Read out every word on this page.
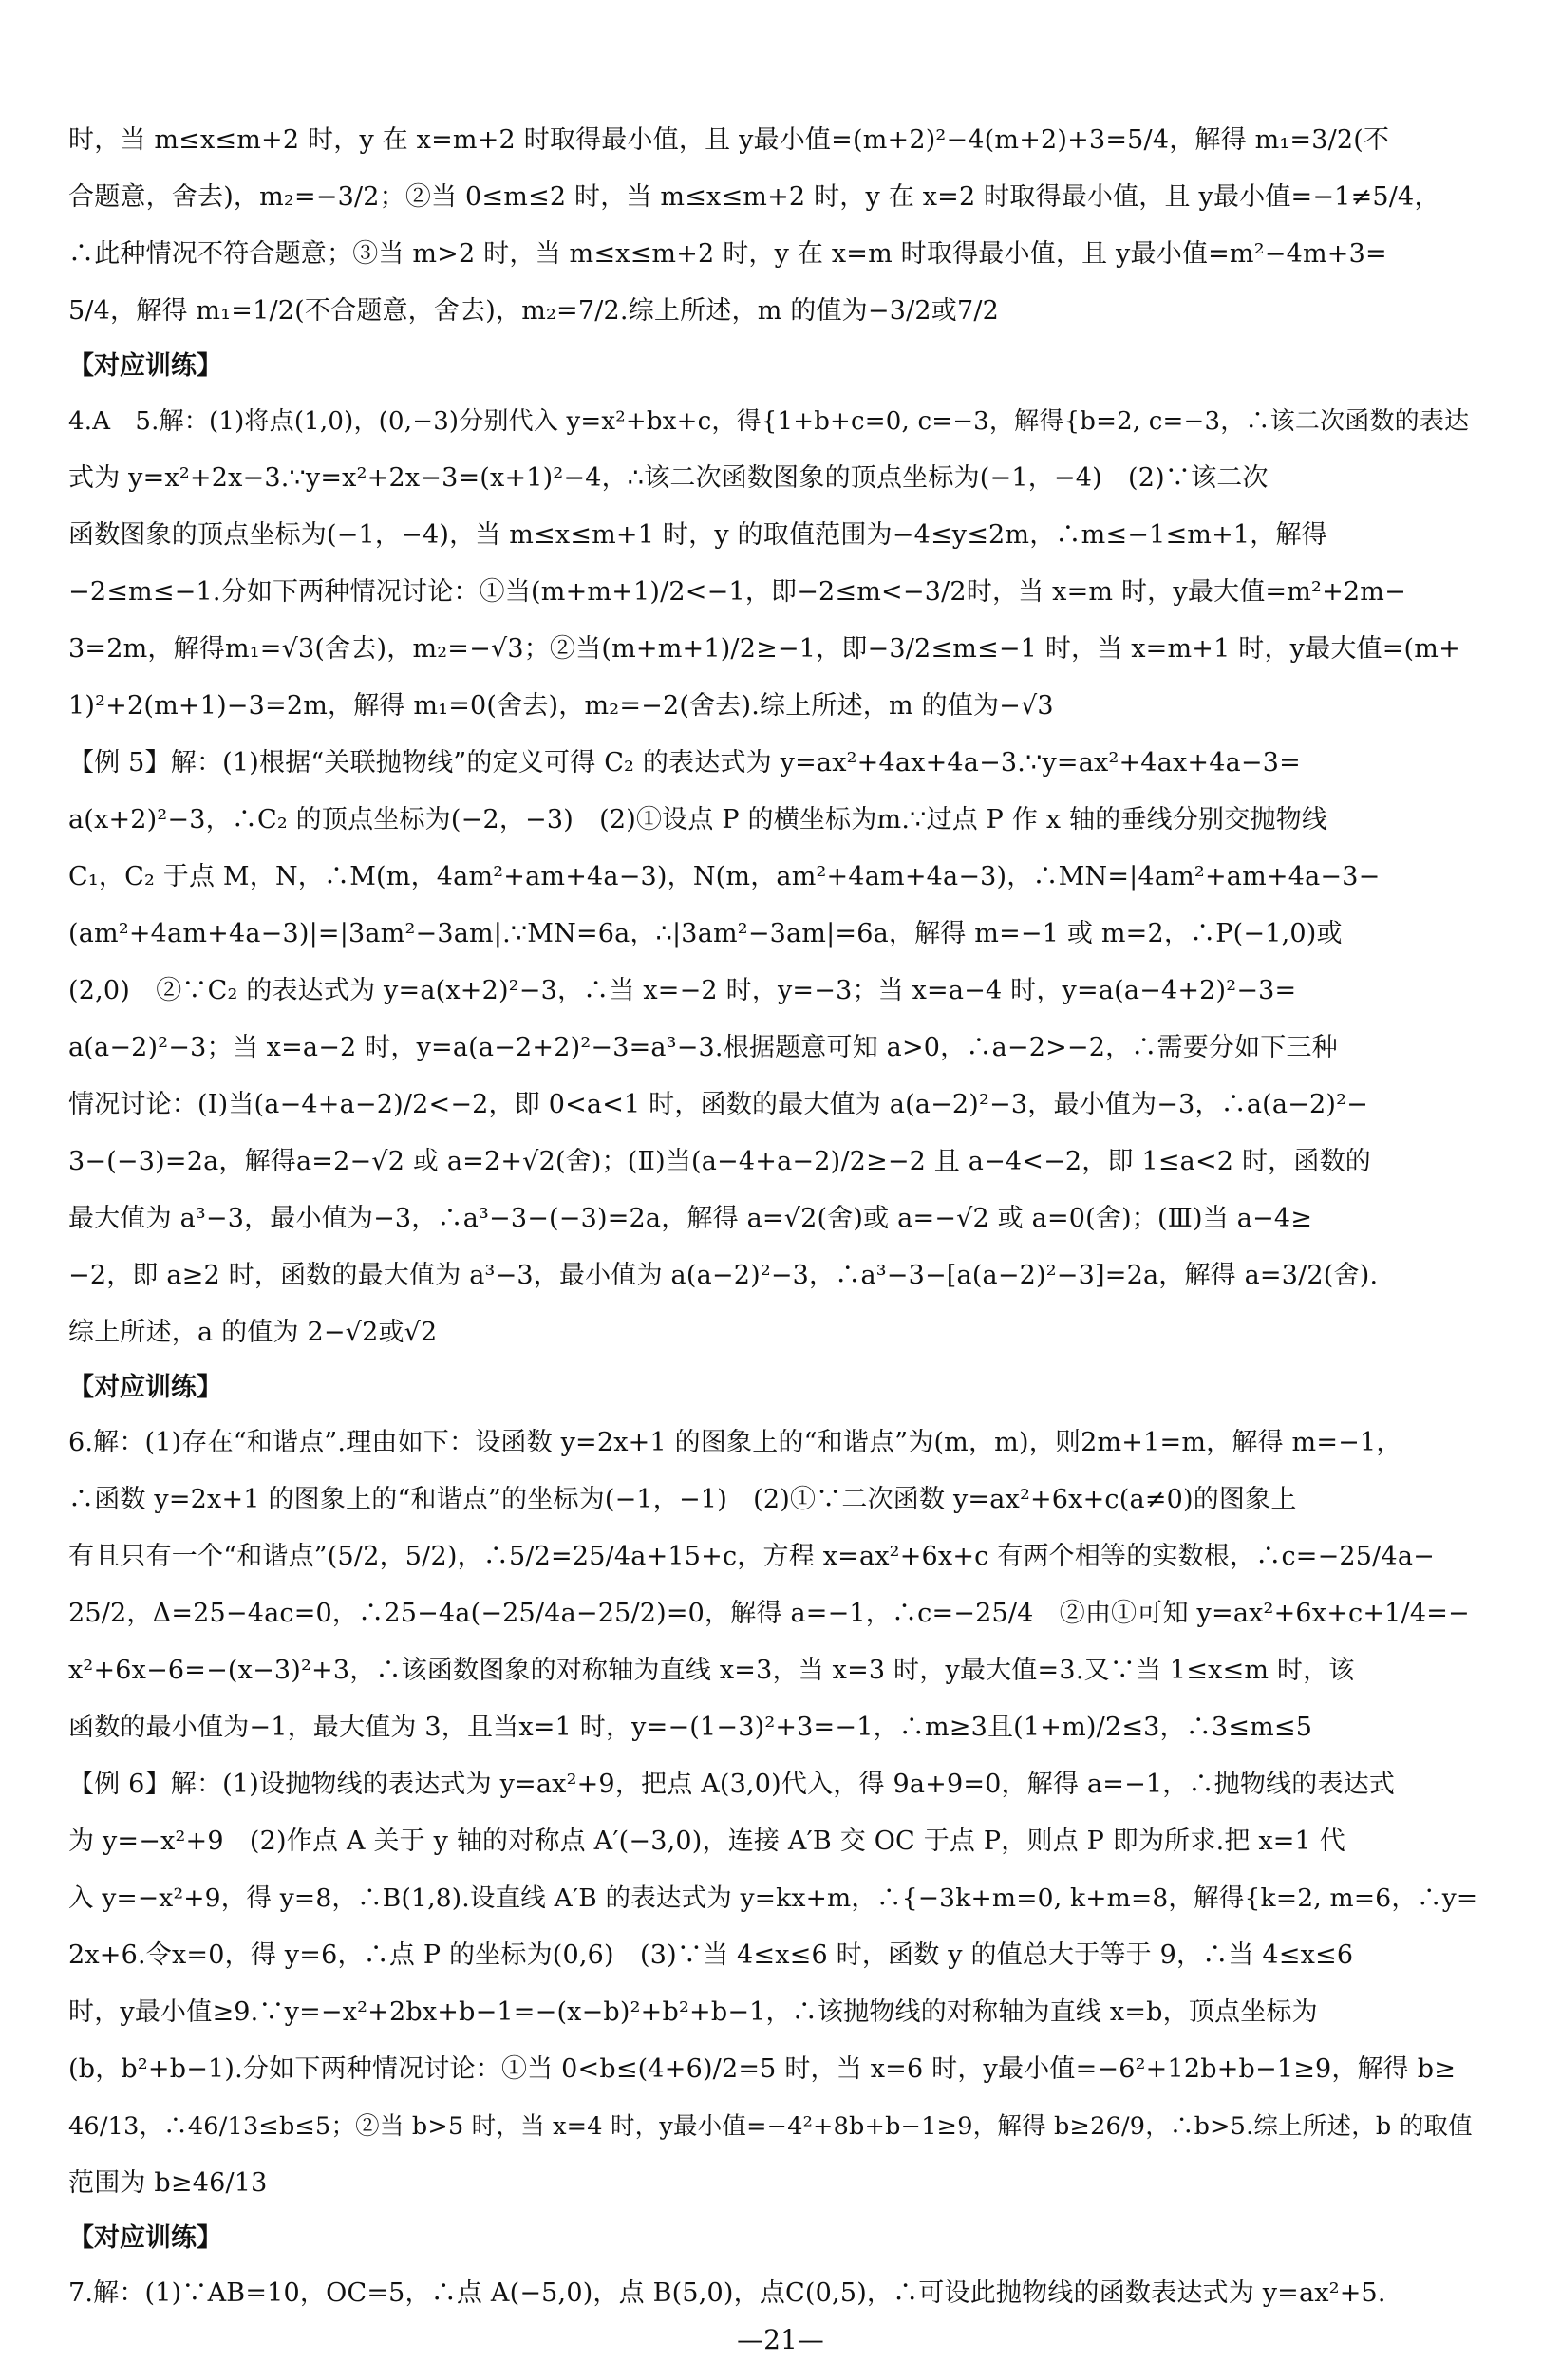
时，当 m≤x≤m+2 时，y 在 x=m+2 时取得最小值，且 y最小值=(m+2)²−4(m+2)+3=5/4，解得 m₁=3/2(不
合题意，舍去)，m₂=−3/2；②当 0≤m≤2 时，当 m≤x≤m+2 时，y 在 x=2 时取得最小值，且 y最小值=−1≠5/4，
∴此种情况不符合题意；③当 m>2 时，当 m≤x≤m+2 时，y 在 x=m 时取得最小值，且 y最小值=m²−4m+3=
5/4，解得 m₁=1/2(不合题意，舍去)，m₂=7/2.综上所述，m 的值为−3/2或7/2
【对应训练】
4.A　5.解：(1)将点(1,0)，(0,−3)分别代入 y=x²+bx+c，得{1+b+c=0, c=−3，解得{b=2, c=−3，∴该二次函数的表达
式为 y=x²+2x−3.∵y=x²+2x−3=(x+1)²−4，∴该二次函数图象的顶点坐标为(−1，−4)　(2)∵该二次
函数图象的顶点坐标为(−1，−4)，当 m≤x≤m+1 时，y 的取值范围为−4≤y≤2m，∴m≤−1≤m+1，解得
−2≤m≤−1.分如下两种情况讨论：①当(m+m+1)/2<−1，即−2≤m<−3/2时，当 x=m 时，y最大值=m²+2m−
3=2m，解得m₁=√3(舍去)，m₂=−√3；②当(m+m+1)/2≥−1，即−3/2≤m≤−1 时，当 x=m+1 时，y最大值=(m+
1)²+2(m+1)−3=2m，解得 m₁=0(舍去)，m₂=−2(舍去).综上所述，m 的值为−√3
【例 5】解：(1)根据“关联抛物线”的定义可得 C₂ 的表达式为 y=ax²+4ax+4a−3.∵y=ax²+4ax+4a−3=
a(x+2)²−3，∴C₂ 的顶点坐标为(−2，−3)　(2)①设点 P 的横坐标为m.∵过点 P 作 x 轴的垂线分别交抛物线
C₁，C₂ 于点 M，N，∴M(m，4am²+am+4a−3)，N(m，am²+4am+4a−3)，∴MN=|4am²+am+4a−3−
(am²+4am+4a−3)|=|3am²−3am|.∵MN=6a，∴|3am²−3am|=6a，解得 m=−1 或 m=2，∴P(−1,0)或
(2,0)　②∵C₂ 的表达式为 y=a(x+2)²−3，∴当 x=−2 时，y=−3；当 x=a−4 时，y=a(a−4+2)²−3=
a(a−2)²−3；当 x=a−2 时，y=a(a−2+2)²−3=a³−3.根据题意可知 a>0，∴a−2>−2，∴需要分如下三种
情况讨论：(Ⅰ)当(a−4+a−2)/2<−2，即 0<a<1 时，函数的最大值为 a(a−2)²−3，最小值为−3，∴a(a−2)²−
3−(−3)=2a，解得a=2−√2 或 a=2+√2(舍)；(Ⅱ)当(a−4+a−2)/2≥−2 且 a−4<−2，即 1≤a<2 时，函数的
最大值为 a³−3，最小值为−3，∴a³−3−(−3)=2a，解得 a=√2(舍)或 a=−√2 或 a=0(舍)；(Ⅲ)当 a−4≥
−2，即 a≥2 时，函数的最大值为 a³−3，最小值为 a(a−2)²−3，∴a³−3−[a(a−2)²−3]=2a，解得 a=3/2(舍).
综上所述，a 的值为 2−√2或√2
【对应训练】
6.解：(1)存在“和谐点”.理由如下：设函数 y=2x+1 的图象上的“和谐点”为(m，m)，则2m+1=m，解得 m=−1，
∴函数 y=2x+1 的图象上的“和谐点”的坐标为(−1，−1)　(2)①∵二次函数 y=ax²+6x+c(a≠0)的图象上
有且只有一个“和谐点”(5/2，5/2)，∴5/2=25/4a+15+c，方程 x=ax²+6x+c 有两个相等的实数根，∴c=−25/4a−
25/2，Δ=25−4ac=0，∴25−4a(−25/4a−25/2)=0，解得 a=−1，∴c=−25/4　②由①可知 y=ax²+6x+c+1/4=−
x²+6x−6=−(x−3)²+3，∴该函数图象的对称轴为直线 x=3，当 x=3 时，y最大值=3.又∵当 1≤x≤m 时，该
函数的最小值为−1，最大值为 3，且当x=1 时，y=−(1−3)²+3=−1，∴m≥3且(1+m)/2≤3，∴3≤m≤5
【例 6】解：(1)设抛物线的表达式为 y=ax²+9，把点 A(3,0)代入，得 9a+9=0，解得 a=−1，∴抛物线的表达式
为 y=−x²+9　(2)作点 A 关于 y 轴的对称点 A′(−3,0)，连接 A′B 交 OC 于点 P，则点 P 即为所求.把 x=1 代
入 y=−x²+9，得 y=8，∴B(1,8).设直线 A′B 的表达式为 y=kx+m，∴{−3k+m=0, k+m=8，解得{k=2, m=6，∴y=
2x+6.令x=0，得 y=6，∴点 P 的坐标为(0,6)　(3)∵当 4≤x≤6 时，函数 y 的值总大于等于 9，∴当 4≤x≤6
时，y最小值≥9.∵y=−x²+2bx+b−1=−(x−b)²+b²+b−1，∴该抛物线的对称轴为直线 x=b，顶点坐标为
(b，b²+b−1).分如下两种情况讨论：①当 0<b≤(4+6)/2=5 时，当 x=6 时，y最小值=−6²+12b+b−1≥9，解得 b≥
46/13，∴46/13≤b≤5；②当 b>5 时，当 x=4 时，y最小值=−4²+8b+b−1≥9，解得 b≥26/9，∴b>5.综上所述，b 的取值
范围为 b≥46/13
【对应训练】
7.解：(1)∵AB=10，OC=5，∴点 A(−5,0)，点 B(5,0)，点C(0,5)，∴可设此抛物线的函数表达式为 y=ax²+5.
—21—
